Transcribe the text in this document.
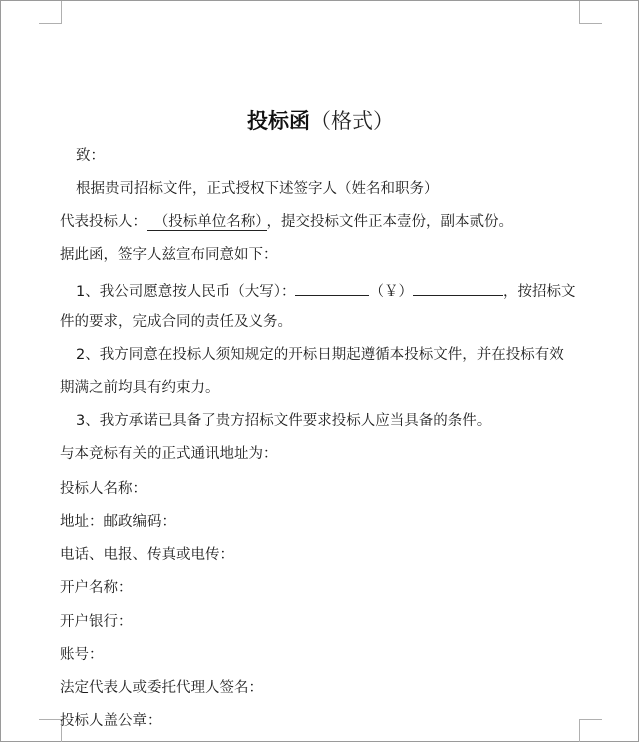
投标函（格式）
致：
根据贵司招标文件，正式授权下述签字人（姓名和职务）
代表投标人： （投标单位名称） ，提交投标文件正本壹份，副本贰份。
据此函，签字人兹宣布同意如下：
1、我公司愿意按人民币（大写）：	（￥）	，按招标文
件的要求，完成合同的责任及义务。
2、我方同意在投标人须知规定的开标日期起遵循本投标文件，并在投标有效
期满之前均具有约束力。
3、我方承诺已具备了贵方招标文件要求投标人应当具备的条件。
与本竞标有关的正式通讯地址为：
投标人名称：
地址：邮政编码：
电话、电报、传真或电传：
开户名称：
开户银行：
账号：
法定代表人或委托代理人签名：
投标人盖公章：
